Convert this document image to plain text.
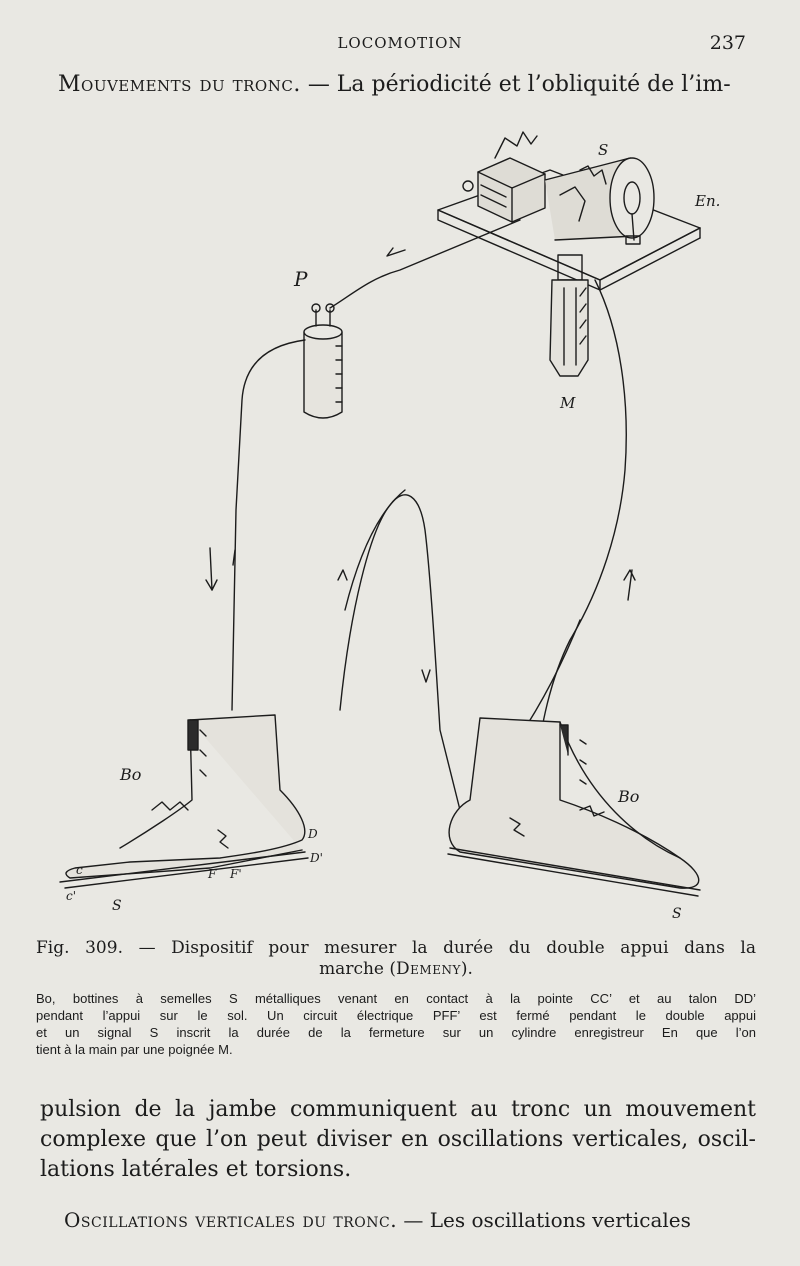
LOCOMOTION	237
Mouvements du tronc. — La périodicité et l’obliquité de l’im-
S
En.
P
M
Bo
Bo
D
D'
F F'
c
c'
S	S
Fig. 309. — Dispositif pour mesurer la durée du double appui dans la
marche (Demeny).
Bo, bottines à semelles S métalliques venant en contact à la pointe CC’ et au talon DD’
pendant l’appui sur le sol. Un circuit électrique PFF’ est fermé pendant le double appui
et un signal S inscrit la durée de la fermeture sur un cylindre enregistreur En que l’on
tient à la main par une poignée M.
pulsion de la jambe communiquent au tronc un mouvement
complexe que l’on peut diviser en oscillations verticales, oscil-
lations latérales et torsions.
Oscillations verticales du tronc. — Les oscillations verticales
